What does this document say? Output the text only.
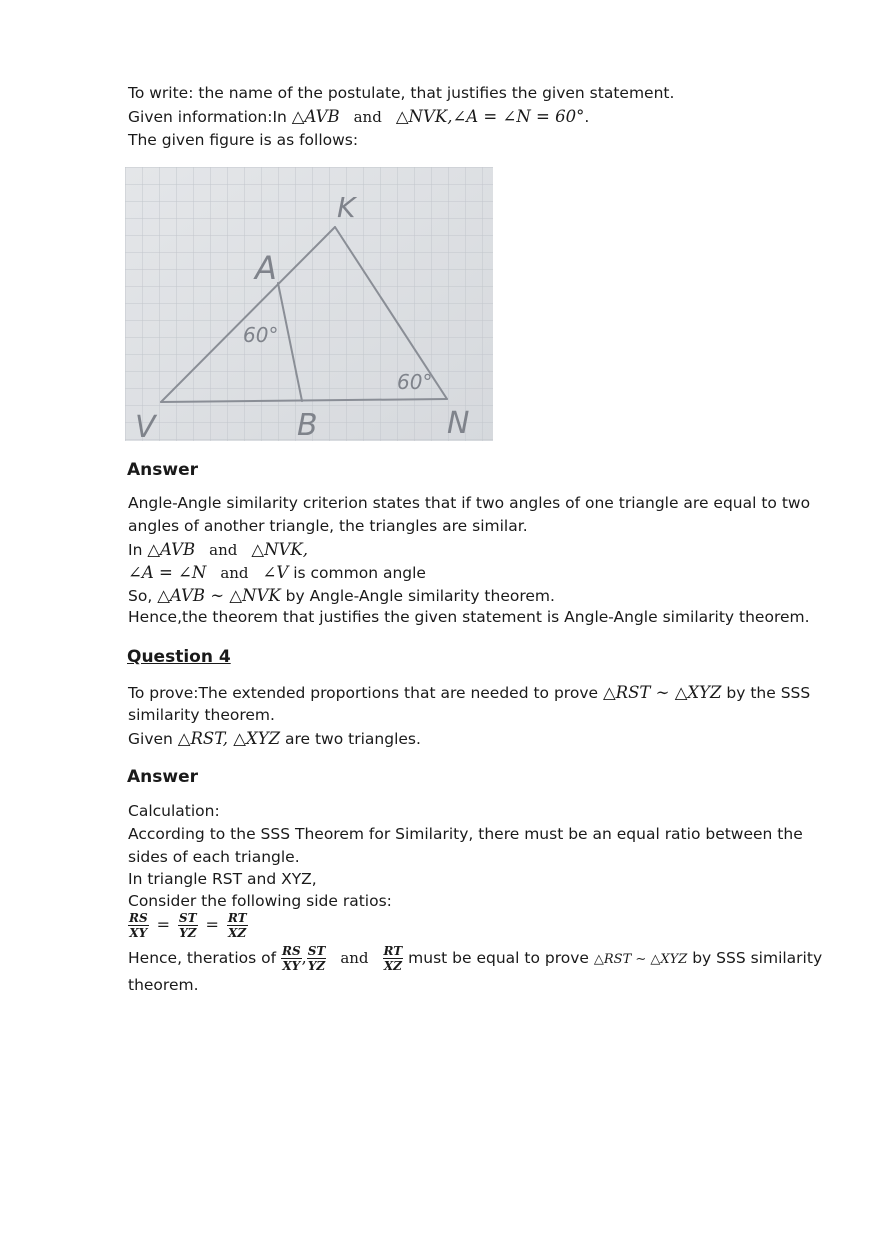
To write: the name of the postulate, that justifies the given statement.
Given information:In △AVB and △NVK,∠A = ∠N = 60°.
The given figure is as follows:
K
A
V	B	N
60°
60°
Answer
Angle-Angle similarity criterion states that if two angles of one triangle are equal to two
angles of another triangle, the triangles are similar.
In △AVB and △NVK,
∠A = ∠N and ∠V is common angle
So, △AVB ∼ △NVK by Angle-Angle similarity theorem.
Hence,the theorem that justifies the given statement is Angle-Angle similarity theorem.
Question 4
To prove:The extended proportions that are needed to prove △RST ∼ △XYZ by the SSS
similarity theorem.
Given △RST, △XYZ are two triangles.
Answer
Calculation:
According to the SSS Theorem for Similarity, there must be an equal ratio between the
sides of each triangle.
In triangle RST and XYZ,
Consider the following side ratios:
$\frac{RS}{XY} = \frac{ST}{YZ} = \frac{RT}{XZ}$
Hence, theratios of $\frac{RS}{XY}$ , $\frac{ST}{YZ}$ and $\frac{RT}{XZ}$ must be equal to prove △RST ∼ △XYZ by SSS similarity
theorem.
